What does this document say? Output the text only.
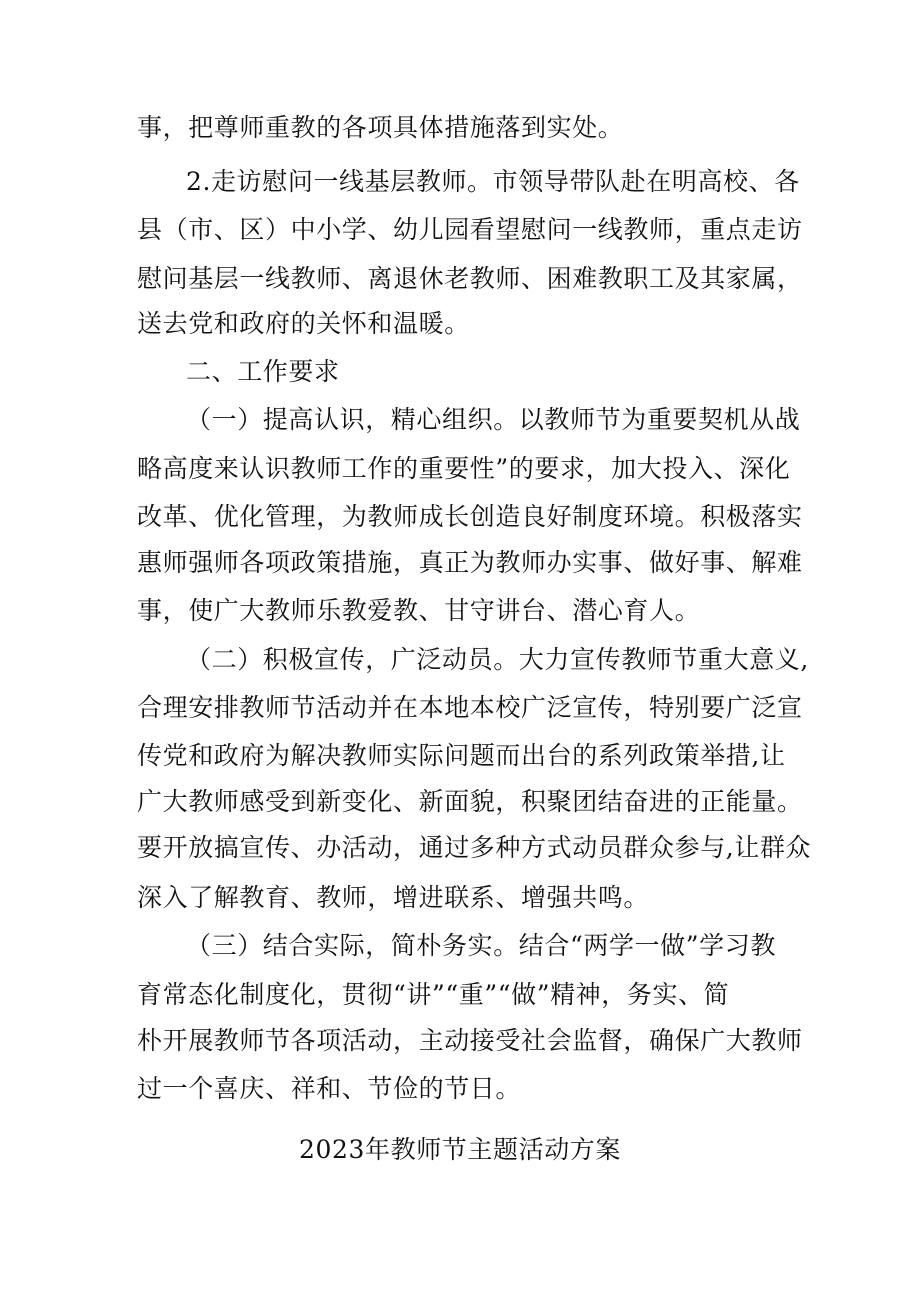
事，把尊师重教的各项具体措施落到实处。
2.走访慰问一线基层教师。市领导带队赴在明高校、各
县（市、区）中小学、幼儿园看望慰问一线教师，重点走访
慰问基层一线教师、离退休老教师、困难教职工及其家属，
送去党和政府的关怀和温暖。
二、工作要求
（一）提高认识，精心组织。以教师节为重要契机从战
略高度来认识教师工作的重要性”的要求，加大投入、深化
改革、优化管理，为教师成长创造良好制度环境。积极落实
惠师强师各项政策措施，真正为教师办实事、做好事、解难
事，使广大教师乐教爱教、甘守讲台、潜心育人。
（二）积极宣传，广泛动员。大力宣传教师节重大意义,
合理安排教师节活动并在本地本校广泛宣传，特别要广泛宣
传党和政府为解决教师实际问题而出台的系列政策举措,让
广大教师感受到新变化、新面貌，积聚团结奋进的正能量。
要开放搞宣传、办活动，通过多种方式动员群众参与,让群众
深入了解教育、教师，增进联系、增强共鸣。
（三）结合实际，简朴务实。结合“两学一做”学习教
育常态化制度化，贯彻“讲”“重”“做”精神，务实、简
朴开展教师节各项活动，主动接受社会监督，确保广大教师
过一个喜庆、祥和、节俭的节日。
2023年教师节主题活动方案
